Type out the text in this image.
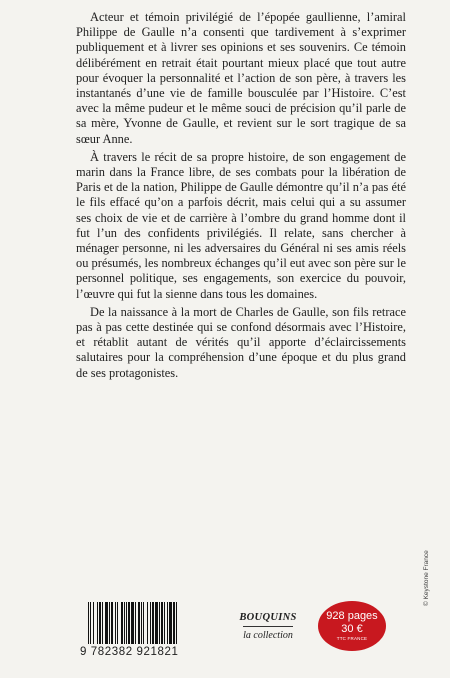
Acteur et témoin privilégié de l’épopée gaullienne, l’amiral Philippe de Gaulle n’a consenti que tardivement à s’exprimer publiquement et à livrer ses opinions et ses souvenirs. Ce témoin délibérément en retrait était pourtant mieux placé que tout autre pour évoquer la personnalité et l’action de son père, à travers les instantanés d’une vie de famille bousculée par l’Histoire. C’est avec la même pudeur et le même souci de précision qu’il parle de sa mère, Yvonne de Gaulle, et revient sur le sort tragique de sa sœur Anne.

À travers le récit de sa propre histoire, de son engagement de marin dans la France libre, de ses combats pour la libération de Paris et de la nation, Philippe de Gaulle démontre qu’il n’a pas été le fils effacé qu’on a parfois décrit, mais celui qui a su assumer ses choix de vie et de carrière à l’ombre du grand homme dont il fut l’un des confidents privilégiés. Il relate, sans chercher à ménager personne, ni les adversaires du Général ni ses amis réels ou présumés, les nombreux échanges qu’il eut avec son père sur le personnel politique, ses engagements, son exercice du pouvoir, l’œuvre qui fut la sienne dans tous les domaines.

De la naissance à la mort de Charles de Gaulle, son fils retrace pas à pas cette destinée qui se confond désormais avec l’Histoire, et rétablit autant de vérités qu’il apporte d’éclaircissements salutaires pour la compréhension d’une époque et du plus grand de ses protagonistes.

9 782382 921821
BOUQUINS
la collection
928 pages
30 €
TTC FRANCE
© Keystone France
